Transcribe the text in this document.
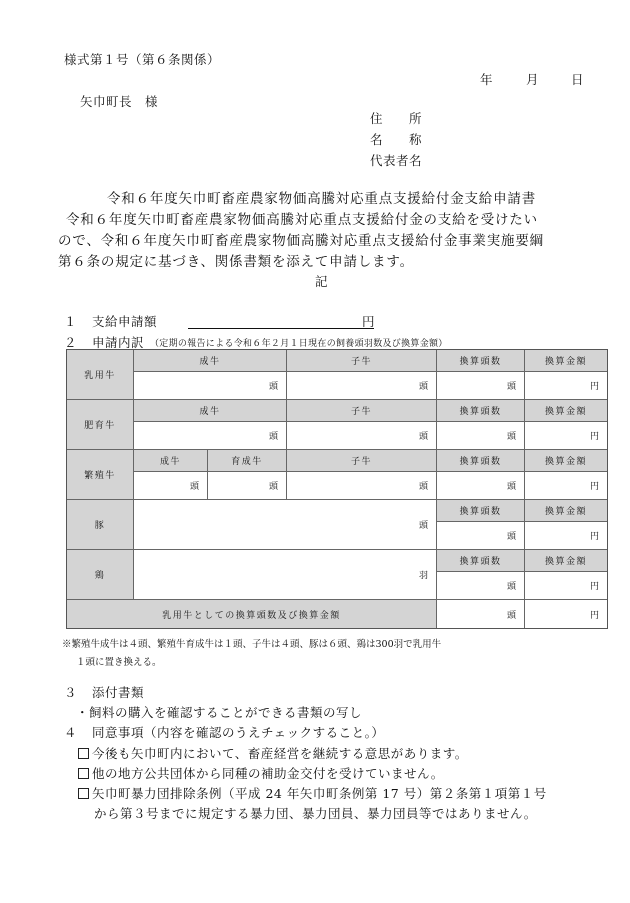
様式第１号（第６条関係）
年	月	日
矢巾町長　様
住　　所
名　　称
代表者名
令和６年度矢巾町畜産農家物価高騰対応重点支援給付金支給申請書
令和６年度矢巾町畜産農家物価高騰対応重点支援給付金の支給を受けたい
ので、令和６年度矢巾町畜産農家物価高騰対応重点支援給付金事業実施要綱
第６条の規定に基づき、関係書類を添えて申請します。
記
１ 支給申請額	円
２ 申請内訳 （定期の報告による令和６年２月１日現在の飼養頭羽数及び換算金額）
乳用牛
成牛	子牛	換算頭数	換算金額
頭	頭	頭	円
肥育牛
成牛	子牛	換算頭数	換算金額
頭	頭	頭	円
繁殖牛
成牛	育成牛	子牛	換算頭数	換算金額
頭	頭	頭	頭	円
豚	頭
換算頭数	換算金額
頭	円
鶏	羽
換算頭数	換算金額
頭	円
乳用牛としての換算頭数及び換算金額	頭	円
※繁殖牛成牛は４頭、繁殖牛育成牛は１頭、子牛は４頭、豚は６頭、鶏は300羽で乳用牛
１頭に置き換える。
３ 添付書類
・飼料の購入を確認することができる書類の写し
４ 同意事項（内容を確認のうえチェックすること。）
今後も矢巾町内において、畜産経営を継続する意思があります。
他の地方公共団体から同種の補助金交付を受けていません。
矢巾町暴力団排除条例（平成 24 年矢巾町条例第 17 号）第２条第１項第１号
から第３号までに規定する暴力団、暴力団員、暴力団員等ではありません。
